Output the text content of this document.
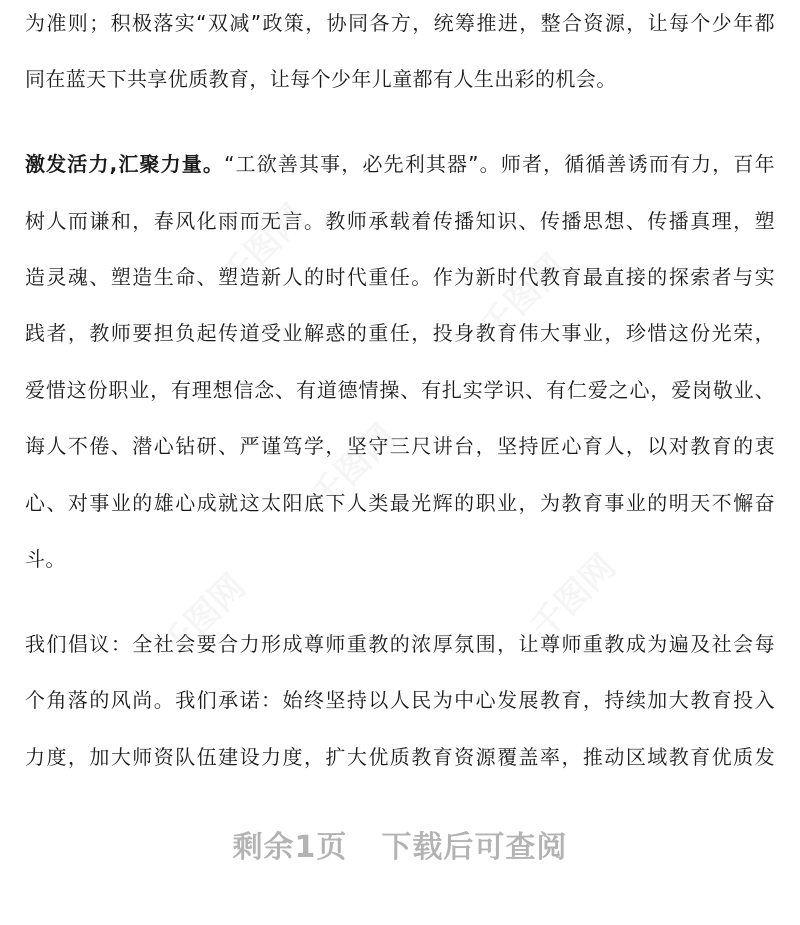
千图网	千图网
千图网
千图网
千图网
为准则；积极落实“双减”政策，协同各方，统筹推进，整合资源，让每个少年都
同在蓝天下共享优质教育，让每个少年儿童都有人生出彩的机会。
激发活力,汇聚力量。“工欲善其事，必先利其器”。师者，循循善诱而有力，百年
树人而谦和，春风化雨而无言。教师承载着传播知识、传播思想、传播真理，塑
造灵魂、塑造生命、塑造新人的时代重任。作为新时代教育最直接的探索者与实
践者，教师要担负起传道受业解惑的重任，投身教育伟大事业，珍惜这份光荣，
爱惜这份职业，有理想信念、有道德情操、有扎实学识、有仁爱之心，爱岗敬业、
诲人不倦、潜心钻研、严谨笃学，坚守三尺讲台，坚持匠心育人，以对教育的衷
心、对事业的雄心成就这太阳底下人类最光辉的职业，为教育事业的明天不懈奋
斗。
我们倡议：全社会要合力形成尊师重教的浓厚氛围，让尊师重教成为遍及社会每
个角落的风尚。我们承诺：始终坚持以人民为中心发展教育，持续加大教育投入
力度，加大师资队伍建设力度，扩大优质教育资源覆盖率，推动区域教育优质发
剩余1页 下载后可查阅
